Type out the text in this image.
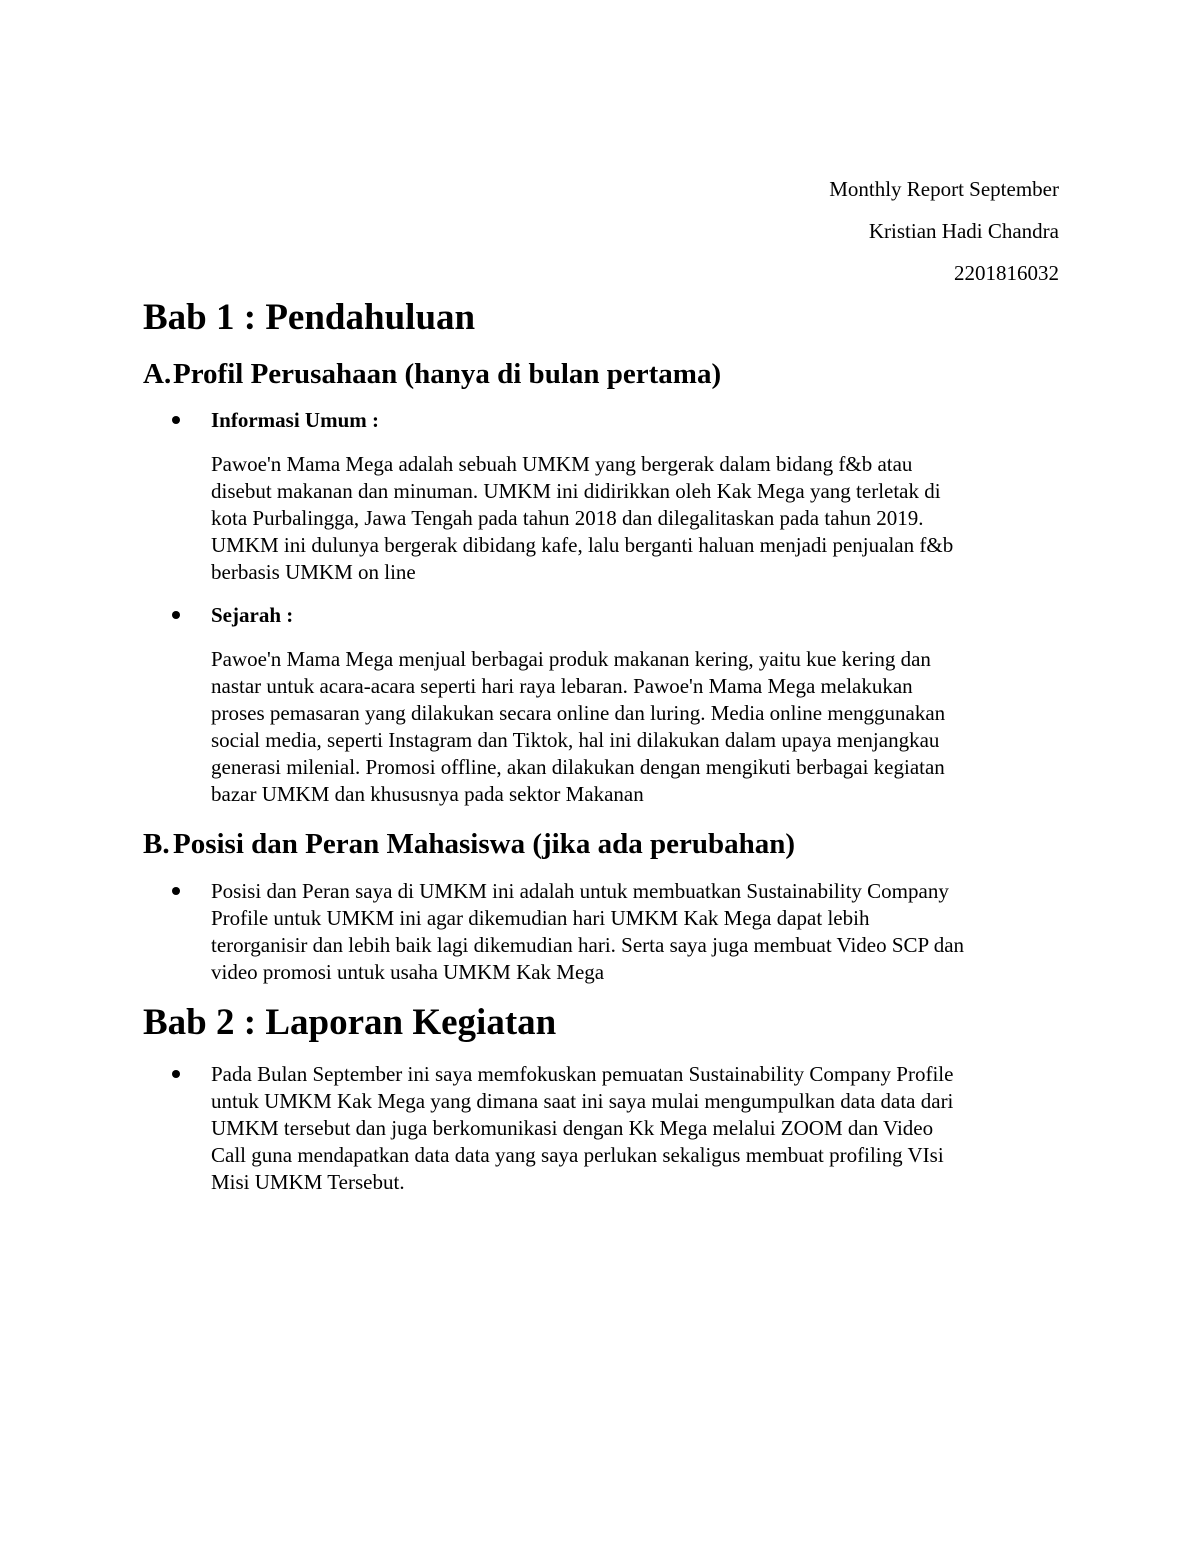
Monthly Report September
Kristian Hadi Chandra
2201816032
Bab 1 : Pendahuluan
A.Profil Perusahaan (hanya di bulan pertama)
Informasi Umum :
Pawoe'n Mama Mega adalah sebuah UMKM yang bergerak dalam bidang f&b atau
disebut makanan dan minuman. UMKM ini didirikkan oleh Kak Mega yang terletak di
kota Purbalingga, Jawa Tengah pada tahun 2018 dan dilegalitaskan pada tahun 2019.
UMKM ini dulunya bergerak dibidang kafe, lalu berganti haluan menjadi penjualan f&b
berbasis UMKM on line
Sejarah :
Pawoe'n Mama Mega menjual berbagai produk makanan kering, yaitu kue kering dan
nastar untuk acara-acara seperti hari raya lebaran. Pawoe'n Mama Mega melakukan
proses pemasaran yang dilakukan secara online dan luring. Media online menggunakan
social media, seperti Instagram dan Tiktok, hal ini dilakukan dalam upaya menjangkau
generasi milenial. Promosi offline, akan dilakukan dengan mengikuti berbagai kegiatan
bazar UMKM dan khususnya pada sektor Makanan
B. Posisi dan Peran Mahasiswa (jika ada perubahan)
Posisi dan Peran saya di UMKM ini adalah untuk membuatkan Sustainability Company
Profile untuk UMKM ini agar dikemudian hari UMKM Kak Mega dapat lebih
terorganisir dan lebih baik lagi dikemudian hari. Serta saya juga membuat Video SCP dan
video promosi untuk usaha UMKM Kak Mega
Bab 2 : Laporan Kegiatan
Pada Bulan September ini saya memfokuskan pemuatan Sustainability Company Profile
untuk UMKM Kak Mega yang dimana saat ini saya mulai mengumpulkan data data dari
UMKM tersebut dan juga berkomunikasi dengan Kk Mega melalui ZOOM dan Video
Call guna mendapatkan data data yang saya perlukan sekaligus membuat profiling VIsi
Misi UMKM Tersebut.
